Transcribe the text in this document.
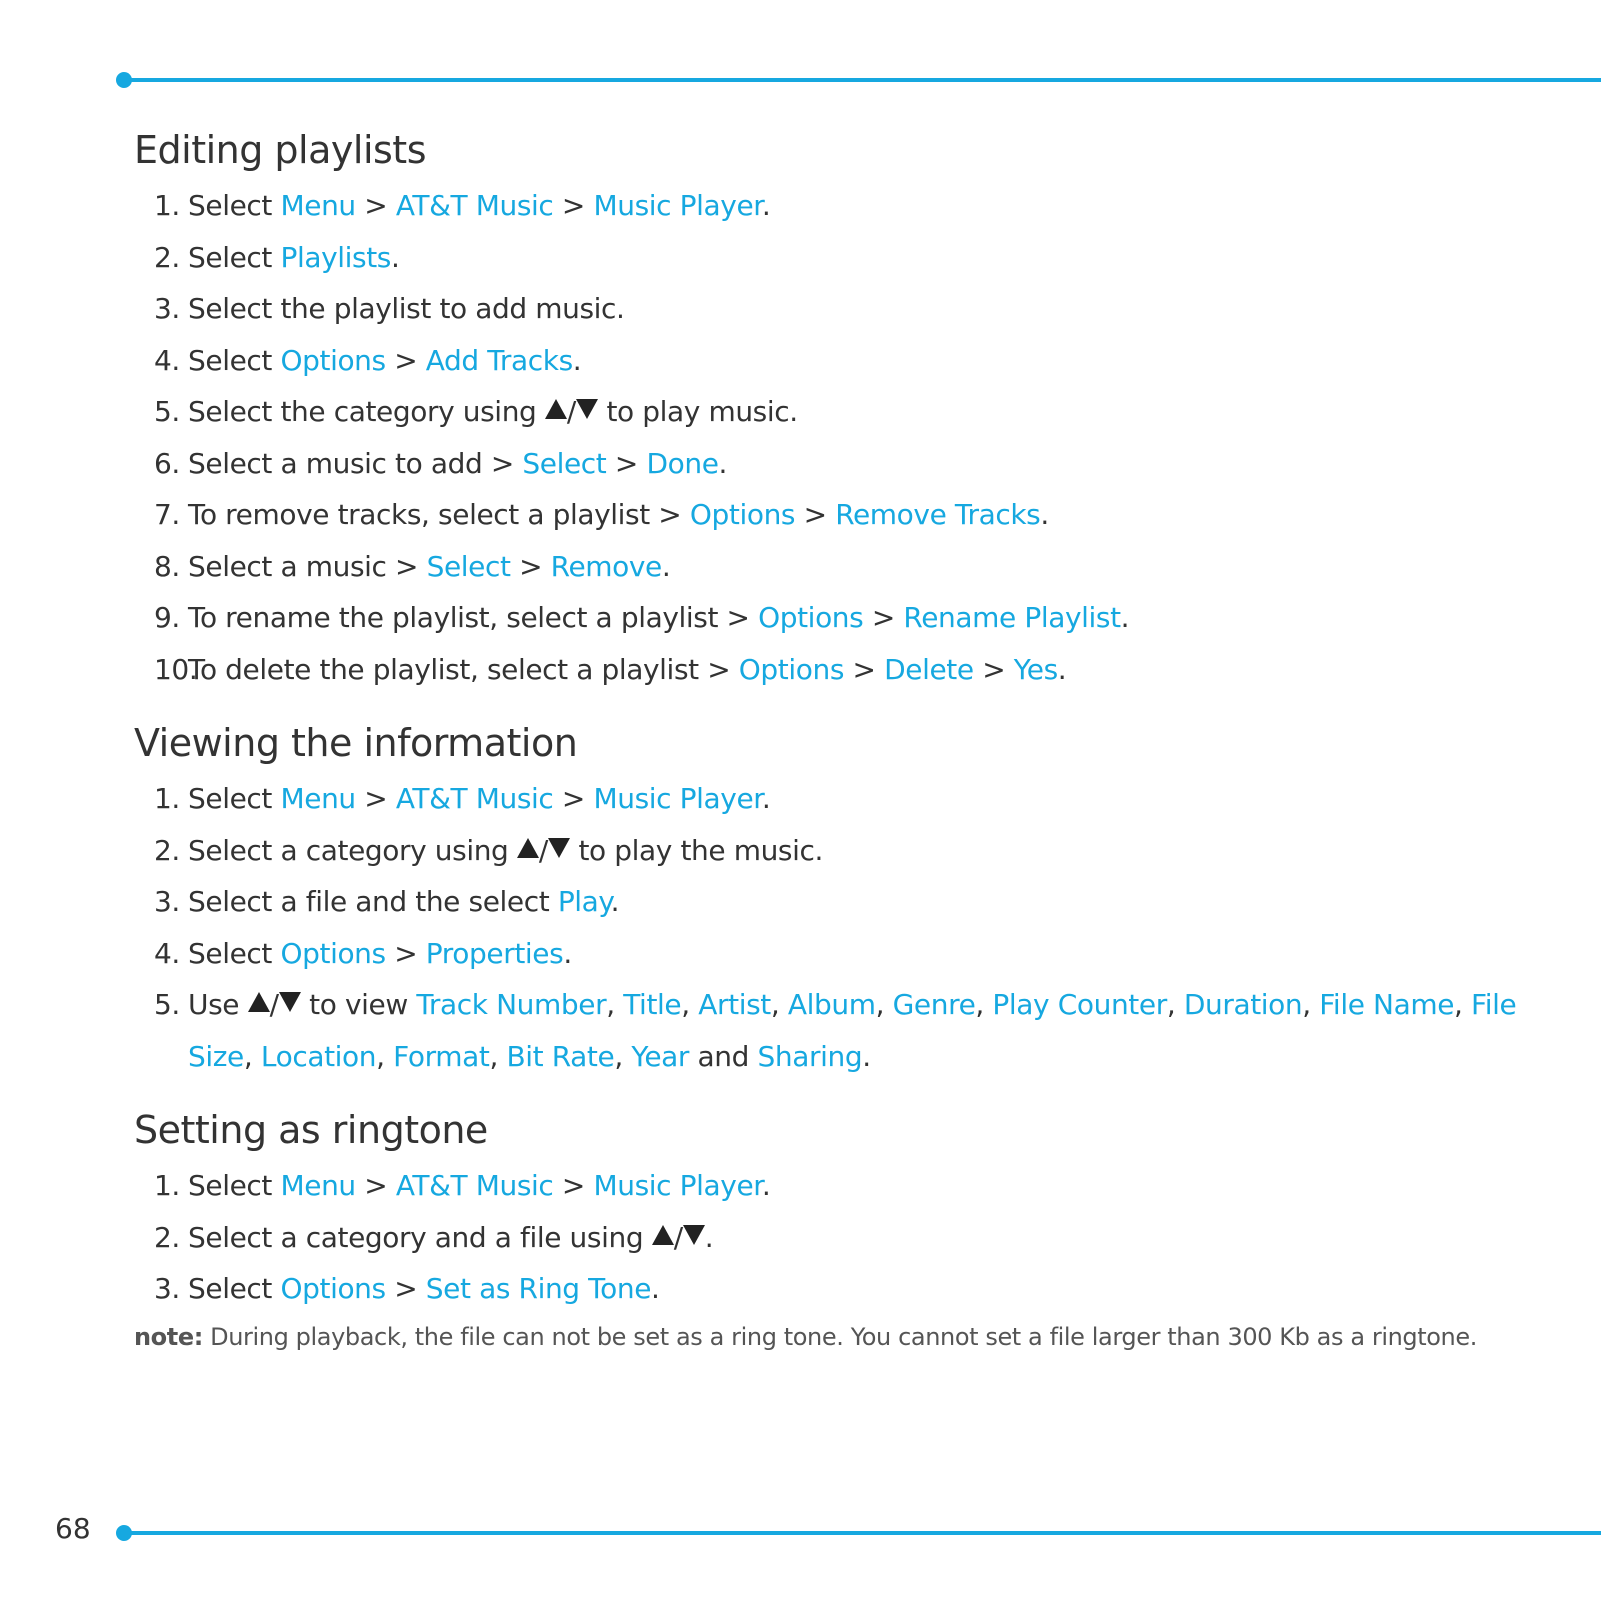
Editing playlists
1. Select Menu > AT&T Music > Music Player.
2. Select Playlists.
3. Select the playlist to add music.
4. Select Options > Add Tracks.
5. Select the category using / to play music.
6. Select a music to add > Select > Done.
7. To remove tracks, select a playlist > Options > Remove Tracks.
8. Select a music > Select > Remove.
9. To rename the playlist, select a playlist > Options > Rename Playlist.
10.
To delete the playlist, select a playlist > Options > Delete > Yes.
Viewing the information
1. Select Menu > AT&T Music > Music Player.
2. Select a category using / to play the music.
3. Select a file and the select Play.
4. Select Options > Properties.
5. Use / to view Track Number, Title, Artist, Album, Genre, Play Counter, Duration, File Name, File Size, Location, Format, Bit Rate, Year and Sharing.
Setting as ringtone
1. Select Menu > AT&T Music > Music Player.
2. Select a category and a file using / .
3. Select Options > Set as Ring Tone.

note: During playback, the file can not be set as a ring tone. You cannot set a file larger than 300 Kb as a ringtone.

68
